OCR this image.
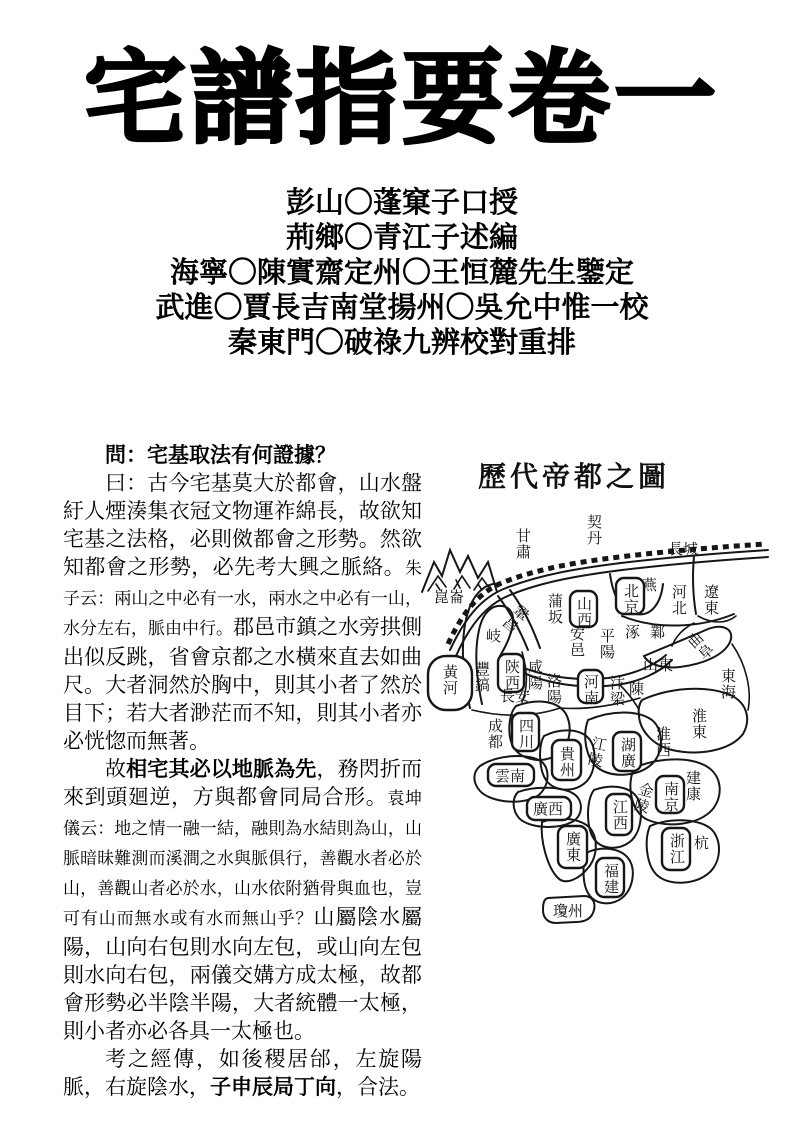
宅譜指要卷一
彭山〇蓬窠子口授
荊鄉〇青江子述編
海寧〇陳實齋定州〇王恒麓先生鑒定
武進〇賈長吉南堂揚州〇吳允中惟一校
秦東門〇破祿九辨校對重排

問：宅基取法有何證據？

曰：古今宅基莫大於都會，山水盤紆人煙湊集衣冠文物運祚綿長，故欲知宅基之法格，必則傚都會之形勢。然欲知都會之形勢，必先考大興之脈絡。朱子云：兩山之中必有一水，兩水之中必有一山，水分左右，脈由中行。郡邑市鎮之水旁拱側出似反跳，省會京都之水橫來直去如曲尺。大者洞然於胸中，則其小者了然於目下；若大者渺茫而不知，則其小者亦必恍惚而無著。

故相宅其必以地脈為先，務閃折而來到頭廻逆，方與都會同局合形。袁坤儀云：地之情一融一結，融則為水結則為山，山脈暗昧難測而溪澗之水與脈俱行，善觀水者必於山，善觀山者必於水，山水依附猶骨與血也，豈可有山而無水或有水而無山乎？山屬陰水屬陽，山向右包則水向左包，或山向左包則水向右包，兩儀交媾方成太極，故都會形勢必半陰半陽，大者統體一太極，則小者亦必各具一太極也。

考之經傳，如後稷居邰，左旋陽脈，右旋陰水，子申辰局丁向，合法。

歷代帝都之圖
北京
山西
陝西	河南
四川
貴州
雲南
湖廣
南京
江西
廣西
廣東	浙江
福建
瓊州
契丹
甘肅	長城
崑崙	遼東
河北
燕
蒲坂
安邑 平陽 涿 鄴 曲阜
山東
東海
陳
汴梁
洛陽
咸陽
豐鎬
長安
岐
鞏昌
黃河
成都
江陵
淮東
淮西
金陵 建康
杭
